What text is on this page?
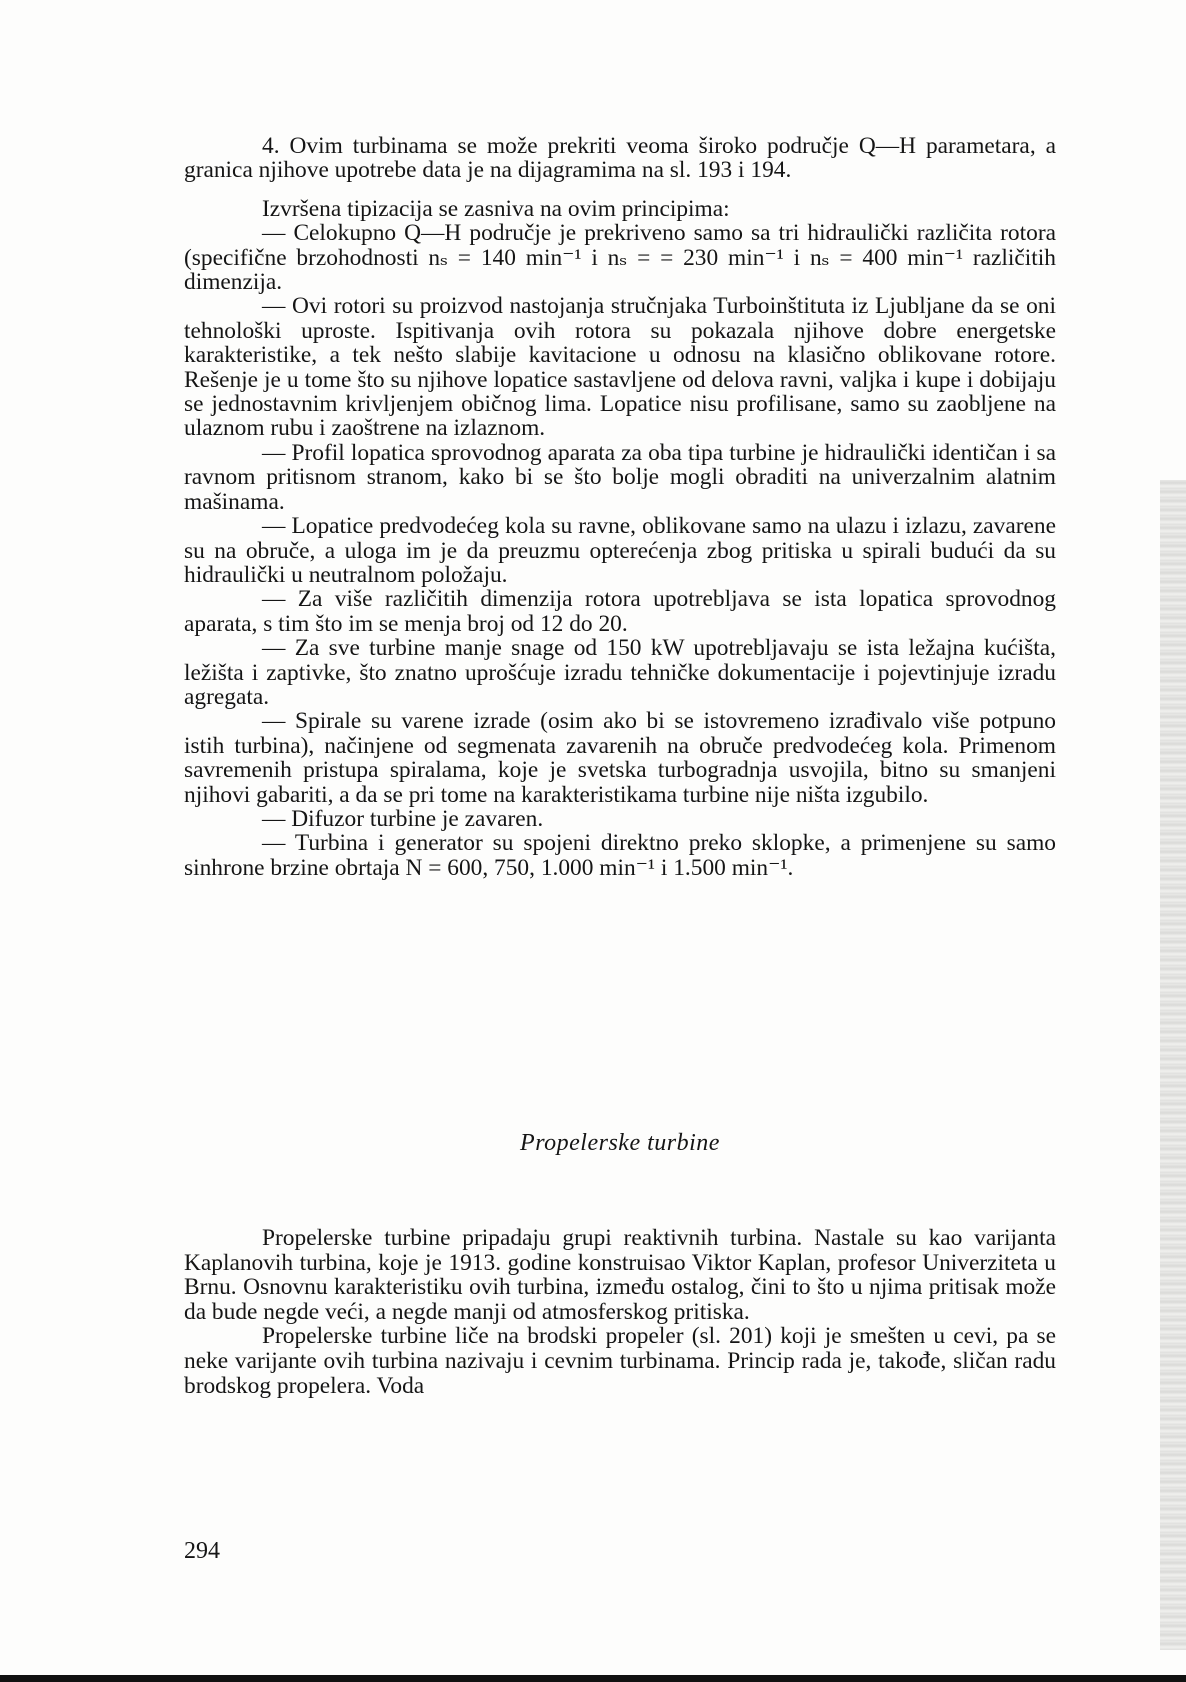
4. Ovim turbinama se može prekriti veoma široko područje Q—H parametara, a granica njihove upotrebe data je na dijagramima na sl. 193 i 194.

Izvršena tipizacija se zasniva na ovim principima:

— Celokupno Q—H područje je prekriveno samo sa tri hidraulički različita rotora (specifične brzohodnosti nₛ = 140 min⁻¹ i nₛ = = 230 min⁻¹ i nₛ = 400 min⁻¹ različitih dimenzija.

— Ovi rotori su proizvod nastojanja stručnjaka Turboinštituta iz Ljubljane da se oni tehnološki uproste. Ispitivanja ovih rotora su pokazala njihove dobre energetske karakteristike, a tek nešto slabije kavitacione u odnosu na klasično oblikovane rotore. Rešenje je u tome što su njihove lopatice sastavljene od delova ravni, valjka i kupe i dobijaju se jednostavnim krivljenjem običnog lima. Lopatice nisu profilisane, samo su zaobljene na ulaznom rubu i zaoštrene na izlaznom.

— Profil lopatica sprovodnog aparata za oba tipa turbine je hidraulički identičan i sa ravnom pritisnom stranom, kako bi se što bolje mogli obraditi na univerzalnim alatnim mašinama.

— Lopatice predvodećeg kola su ravne, oblikovane samo na ulazu i izlazu, zavarene su na obruče, a uloga im je da preuzmu opterećenja zbog pritiska u spirali budući da su hidraulički u neutralnom položaju.

— Za više različitih dimenzija rotora upotrebljava se ista lopatica sprovodnog aparata, s tim što im se menja broj od 12 do 20.

— Za sve turbine manje snage od 150 kW upotrebljavaju se ista ležajna kućišta, ležišta i zaptivke, što znatno uprošćuje izradu tehničke dokumentacije i pojevtinjuje izradu agregata.

— Spirale su varene izrade (osim ako bi se istovremeno izrađivalo više potpuno istih turbina), načinjene od segmenata zavarenih na obruče predvodećeg kola. Primenom savremenih pristupa spiralama, koje je svetska turbogradnja usvojila, bitno su smanjeni njihovi gabariti, a da se pri tome na karakteristikama turbine nije ništa izgubilo.

— Difuzor turbine je zavaren.

— Turbina i generator su spojeni direktno preko sklopke, a primenjene su samo sinhrone brzine obrtaja N = 600, 750, 1.000 min⁻¹ i 1.500 min⁻¹.

Propelerske turbine

Propelerske turbine pripadaju grupi reaktivnih turbina. Nastale su kao varijanta Kaplanovih turbina, koje je 1913. godine konstruisao Viktor Kaplan, profesor Univerziteta u Brnu. Osnovnu karakteristiku ovih turbina, između ostalog, čini to što u njima pritisak može da bude negde veći, a negde manji od atmosferskog pritiska.

Propelerske turbine liče na brodski propeler (sl. 201) koji je smešten u cevi, pa se neke varijante ovih turbina nazivaju i cevnim turbinama. Princip rada je, takođe, sličan radu brodskog propelera. Voda

294
